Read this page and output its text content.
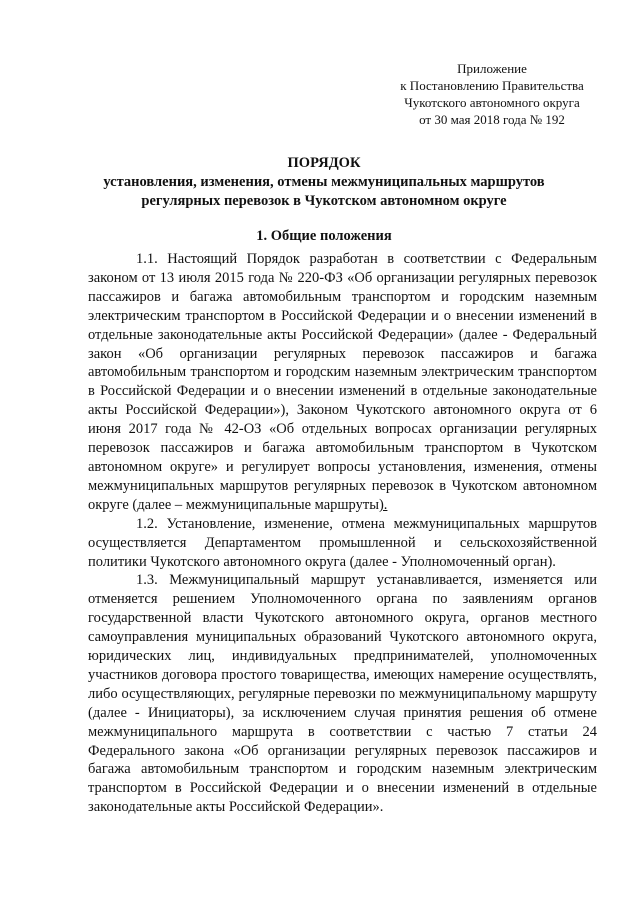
Приложение
к Постановлению Правительства
Чукотского автономного округа
от 30 мая 2018 года № 192
ПОРЯДОК
установления, изменения, отмены межмуниципальных маршрутов
регулярных перевозок в Чукотском автономном округе
1. Общие положения

1.1. Настоящий Порядок разработан в соответствии с Федеральным законом от 13 июля 2015 года № 220-ФЗ «Об организации регулярных перевозок пассажиров и багажа автомобильным транспортом и городским наземным электрическим транспортом в Российской Федерации и о внесении изменений в отдельные законодательные акты Российской Федерации» (далее - Федеральный закон «Об организации регулярных перевозок пассажиров и багажа автомобильным транспортом и городским наземным электрическим транспортом в Российской Федерации и о внесении изменений в отдельные законодательные акты Российской Федерации»), Законом Чукотского автономного округа от 6 июня 2017 года № 42-ОЗ «Об отдельных вопросах организации регулярных перевозок пассажиров и багажа автомобильным транспортом в Чукотском автономном округе» и регулирует вопросы установления, изменения, отмены межмуниципальных маршрутов регулярных перевозок в Чукотском автономном округе (далее – межмуниципальные маршруты).

1.2. Установление, изменение, отмена межмуниципальных маршрутов осуществляется Департаментом промышленной и сельскохозяйственной политики Чукотского автономного округа (далее - Уполномоченный орган).

1.3. Межмуниципальный маршрут устанавливается, изменяется или отменяется решением Уполномоченного органа по заявлениям органов государственной власти Чукотского автономного округа, органов местного самоуправления муниципальных образований Чукотского автономного округа, юридических лиц, индивидуальных предпринимателей, уполномоченных участников договора простого товарищества, имеющих намерение осуществлять, либо осуществляющих, регулярные перевозки по межмуниципальному маршруту (далее - Инициаторы), за исключением случая принятия решения об отмене межмуниципального маршрута в соответствии с частью 7 статьи 24 Федерального закона «Об организации регулярных перевозок пассажиров и багажа автомобильным транспортом и городским наземным электрическим транспортом в Российской Федерации и о внесении изменений в отдельные законодательные акты Российской Федерации».
